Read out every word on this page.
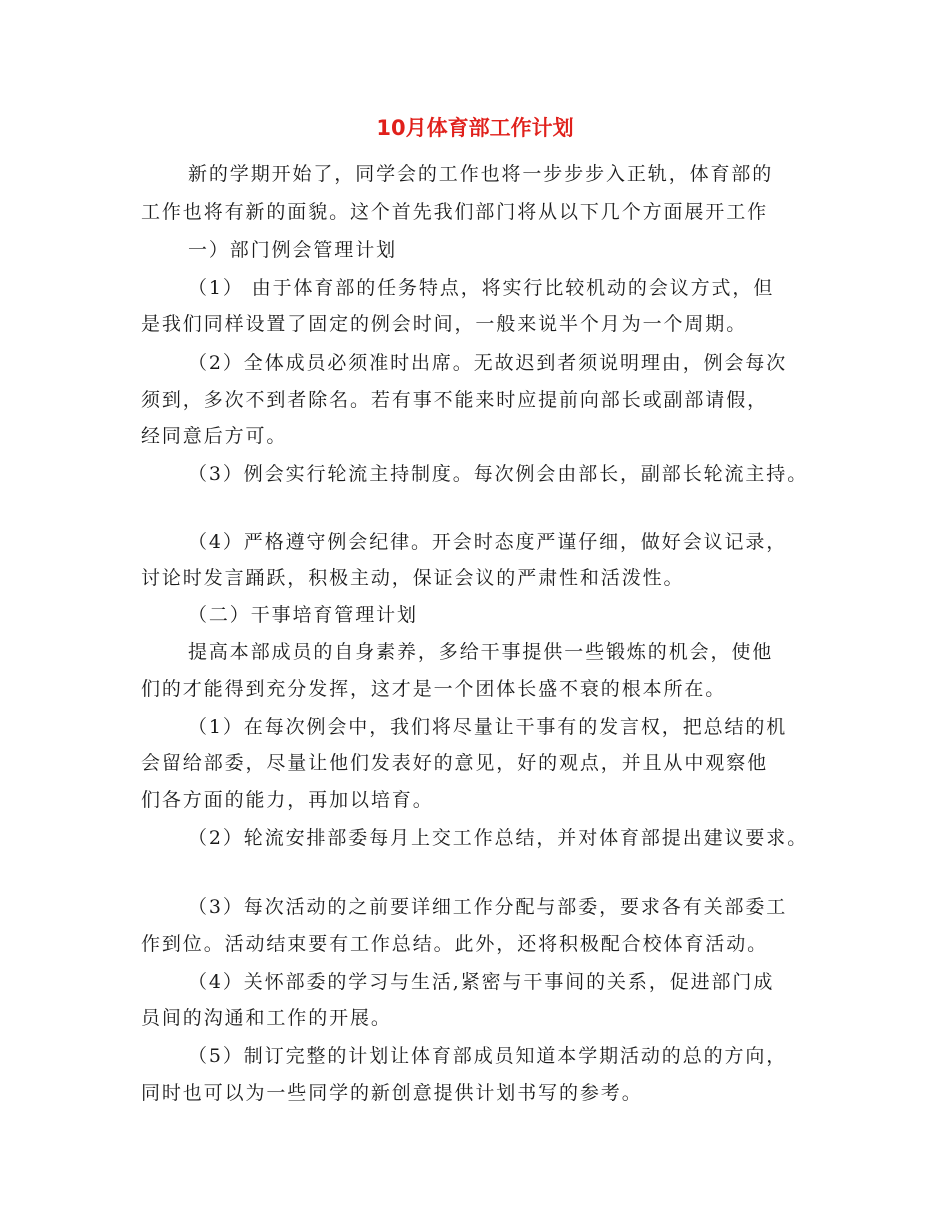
10月体育部工作计划
新的学期开始了，同学会的工作也将一步步步入正轨，体育部的
工作也将有新的面貌。这个首先我们部门将从以下几个方面展开工作
一）部门例会管理计划
（1） 由于体育部的任务特点，将实行比较机动的会议方式，但
是我们同样设置了固定的例会时间，一般来说半个月为一个周期。
（2）全体成员必须准时出席。无故迟到者须说明理由，例会每次
须到，多次不到者除名。若有事不能来时应提前向部长或副部请假，
经同意后方可。
（3）例会实行轮流主持制度。每次例会由部长，副部长轮流主持。
（4）严格遵守例会纪律。开会时态度严谨仔细，做好会议记录，
讨论时发言踊跃，积极主动，保证会议的严肃性和活泼性。
（二）干事培育管理计划
提高本部成员的自身素养，多给干事提供一些锻炼的机会，使他
们的才能得到充分发挥，这才是一个团体长盛不衰的根本所在。
（1）在每次例会中，我们将尽量让干事有的发言权，把总结的机
会留给部委，尽量让他们发表好的意见，好的观点，并且从中观察他
们各方面的能力，再加以培育。
（2）轮流安排部委每月上交工作总结，并对体育部提出建议要求。
（3）每次活动的之前要详细工作分配与部委，要求各有关部委工
作到位。活动结束要有工作总结。此外，还将积极配合校体育活动。
（4）关怀部委的学习与生活,紧密与干事间的关系，促进部门成
员间的沟通和工作的开展。
（5）制订完整的计划让体育部成员知道本学期活动的总的方向，
同时也可以为一些同学的新创意提供计划书写的参考。
